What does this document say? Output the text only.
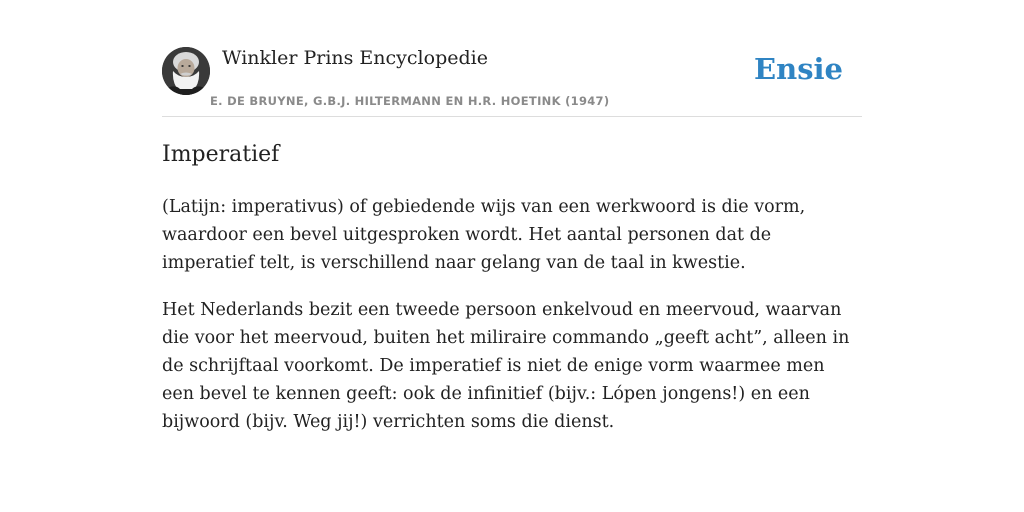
Winkler Prins Encyclopedie
E. DE BRUYNE, G.B.J. HILTERMANN EN H.R. HOETINK (1947)
Ensie
Imperatief

(Latijn: imperativus) of gebiedende wijs van een werkwoord is die vorm, waardoor een bevel uitgesproken wordt. Het aantal personen dat de imperatief telt, is verschillend naar gelang van de taal in kwestie.

Het Nederlands bezit een tweede persoon enkelvoud en meervoud, waarvan die voor het meervoud, buiten het miliraire commando „geeft acht”, alleen in de schrijftaal voorkomt. De imperatief is niet de enige vorm waarmee men een bevel te kennen geeft: ook de infinitief (bijv.: Lópen jongens!) en een bijwoord (bijv. Weg jij!) verrichten soms die dienst.
